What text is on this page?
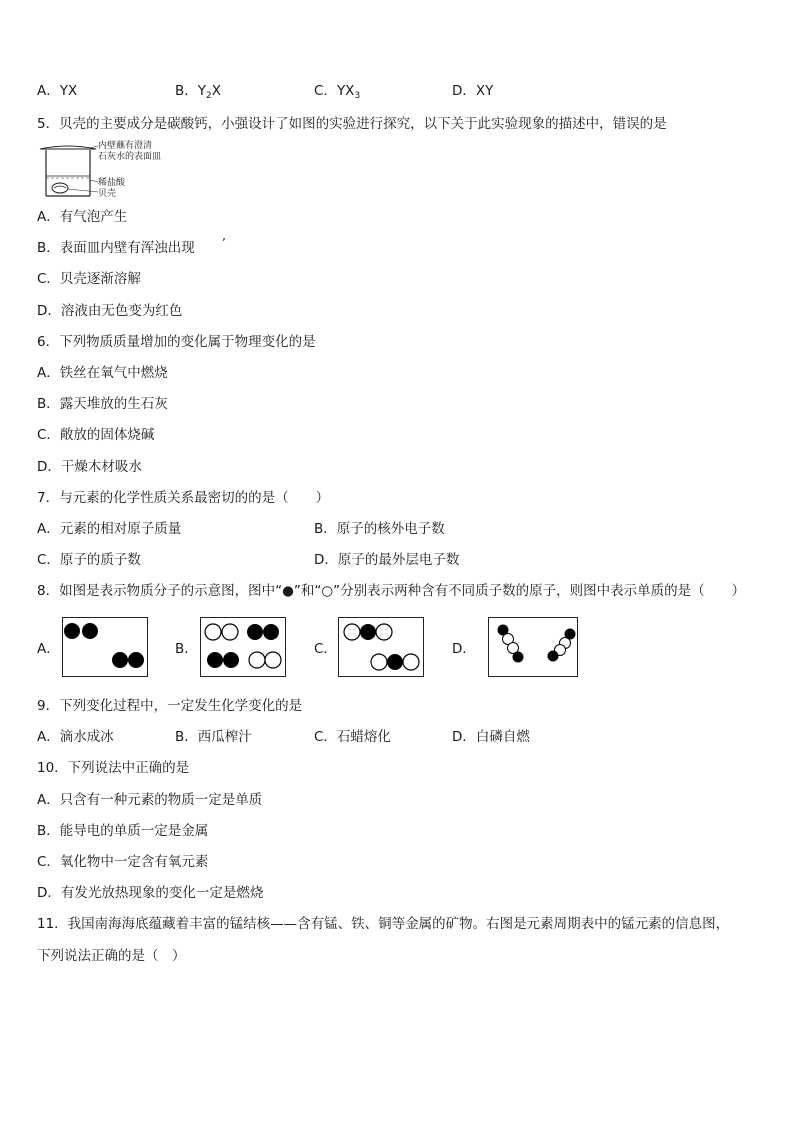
A．YX	B．$Y_2X$	C．$YX_3$	D．XY
5．贝壳的主要成分是碳酸钙，小强设计了如图的实验进行探究，以下关于此实验现象的描述中，错误的是
内壁蘸有澄清
石灰水的表面皿
稀盐酸
贝壳
A．有气泡产生
B．表面皿内壁有浑浊出现 ’
C．贝壳逐渐溶解
D．溶液由无色变为红色
6．下列物质质量增加的变化属于物理变化的是
A．铁丝在氧气中燃烧
B．露天堆放的生石灰
C．敞放的固体烧碱
D．干燥木材吸水
7．与元素的化学性质关系最密切的的是（　　）
A．元素的相对原子质量	B．原子的核外电子数
C．原子的质子数	D．原子的最外层电子数
8．如图是表示物质分子的示意图，图中“●”和“○”分别表示两种含有不同质子数的原子，则图中表示单质的是（　　）
A．	B．	C．	D．
9．下列变化过程中，一定发生化学变化的是
A．滴水成冰	B．西瓜榨汁	C．石蜡熔化	D．白磷自燃
10．下列说法中正确的是
A．只含有一种元素的物质一定是单质
B．能导电的单质一定是金属
C．氧化物中一定含有氧元素
D．有发光放热现象的变化一定是燃烧
11．我国南海海底蕴藏着丰富的锰结核——含有锰、铁、铜等金属的矿物。右图是元素周期表中的锰元素的信息图，
下列说法正确的是（　）
